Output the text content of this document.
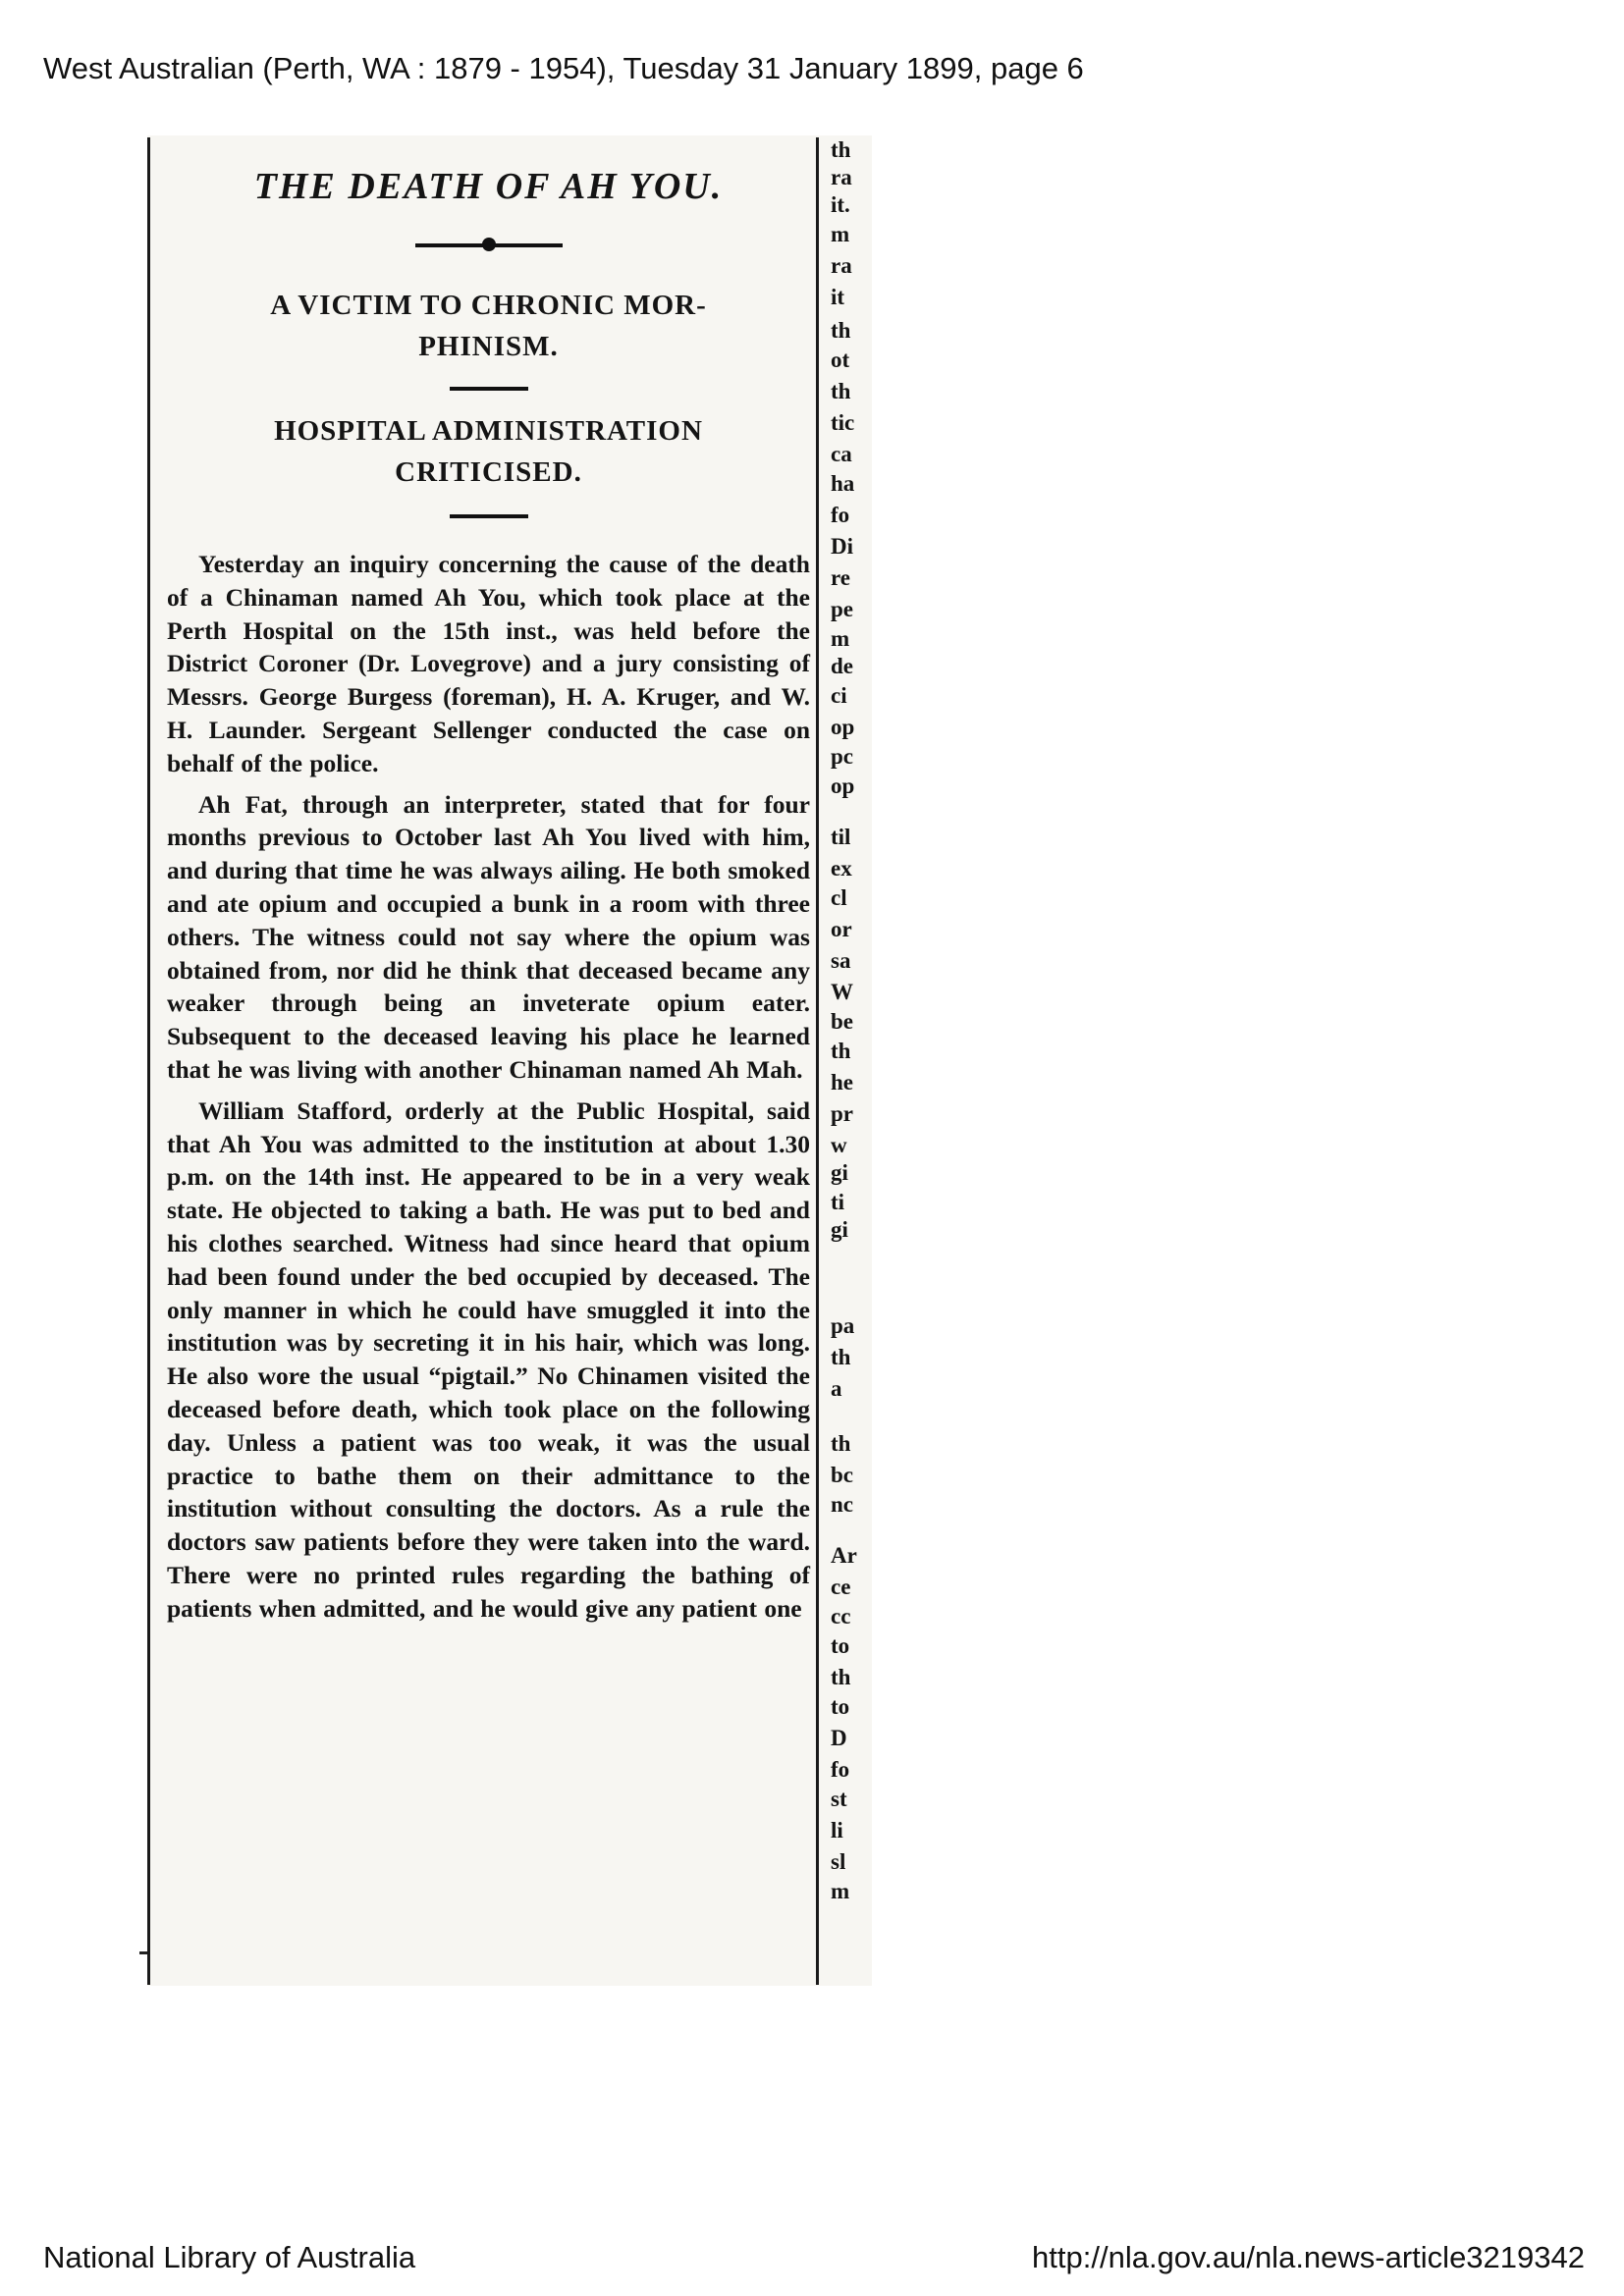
West Australian (Perth, WA : 1879 - 1954), Tuesday 31 January 1899, page 6
THE DEATH OF AH YOU.

A VICTIM TO CHRONIC MOR-

PHINISM.

HOSPITAL ADMINISTRATION

CRITICISED.

Yesterday an inquiry concerning the cause of the death of a Chinaman named Ah You, which took place at the Perth Hospital on the 15th inst., was held before the District Coroner (Dr. Lovegrove) and a jury consisting of Messrs. George Burgess (foreman), H. A. Kruger, and W. H. Launder. Sergeant Sellenger conducted the case on behalf of the police.

Ah Fat, through an interpreter, stated that for four months previous to October last Ah You lived with him, and during that time he was always ailing. He both smoked and ate opium and occupied a bunk in a room with three others. The witness could not say where the opium was obtained from, nor did he think that deceased became any weaker through being an inveterate opium eater. Subsequent to the deceased leaving his place he learned that he was living with another Chinaman named Ah Mah.

William Stafford, orderly at the Public Hospital, said that Ah You was admitted to the institution at about 1.30 p.m. on the 14th inst. He appeared to be in a very weak state. He objected to taking a bath. He was put to bed and his clothes searched. Witness had since heard that opium had been found under the bed occupied by deceased. The only manner in which he could have smuggled it into the institution was by secreting it in his hair, which was long. He also wore the usual “pigtail.” No Chinamen visited the deceased before death, which took place on the following day. Unless a patient was too weak, it was the usual practice to bathe them on their admittance to the institution without consulting the doctors. As a rule the doctors saw patients before they were taken into the ward. There were no printed rules regarding the bathing of patients when admitted, and he would give any patient one

th
ra
it.
m
ra
it
th
ot
th
tic
ca
ha
fo
Di
re
pe
m
de
ci
op
pc
op
til
ex
cl
or
sa
W
be
th
he
pr
w
gi
ti
gi
pa
th
a
th
bc
nc
Ar
ce
cc
to
th
to
D
fo
st
li
sl
m
National Library of Australia	http://nla.gov.au/nla.news-article3219342
